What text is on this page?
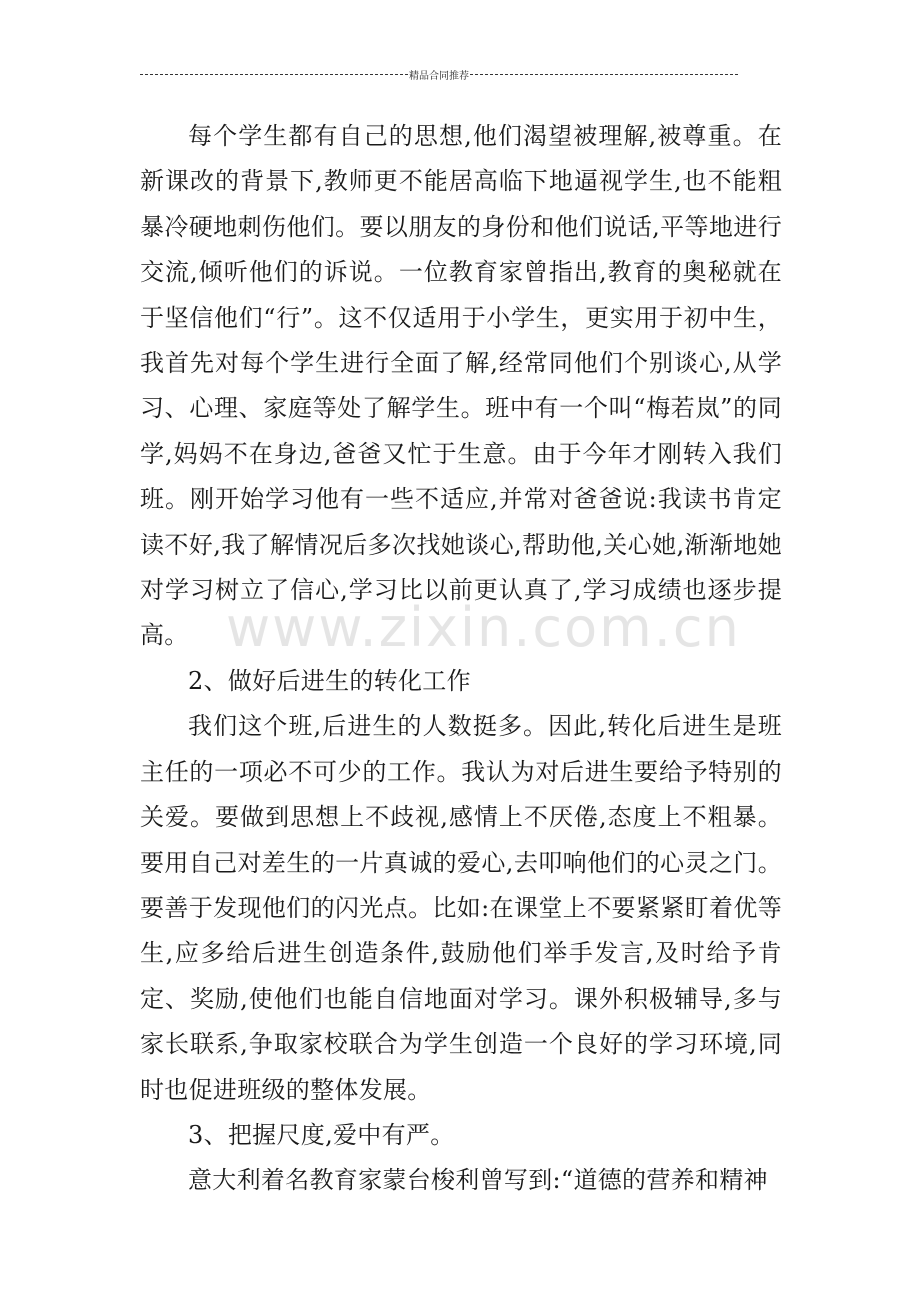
精品合同推荐

每个学生都有自己的思想,他们渴望被理解,被尊重。在新课改的背景下,教师更不能居高临下地逼视学生,也不能粗暴冷硬地刺伤他们。要以朋友的身份和他们说话,平等地进行交流,倾听他们的诉说。一位教育家曾指出,教育的奥秘就在于坚信他们“行”。这不仅适用于小学生，更实用于初中生，我首先对每个学生进行全面了解,经常同他们个别谈心,从学习、心理、家庭等处了解学生。班中有一个叫“梅若岚”的同学,妈妈不在身边,爸爸又忙于生意。由于今年才刚转入我们班。刚开始学习他有一些不适应,并常对爸爸说:我读书肯定读不好,我了解情况后多次找她谈心,帮助他,关心她,渐渐地她对学习树立了信心,学习比以前更认真了,学习成绩也逐步提高。

2、做好后进生的转化工作

我们这个班,后进生的人数挺多。因此,转化后进生是班主任的一项必不可少的工作。我认为对后进生要给予特别的关爱。要做到思想上不歧视,感情上不厌倦,态度上不粗暴。要用自己对差生的一片真诚的爱心,去叩响他们的心灵之门。要善于发现他们的闪光点。比如:在课堂上不要紧紧盯着优等生,应多给后进生创造条件,鼓励他们举手发言,及时给予肯定、奖励,使他们也能自信地面对学习。课外积极辅导,多与家长联系,争取家校联合为学生创造一个良好的学习环境,同时也促进班级的整体发展。

3、把握尺度,爱中有严。

意大利着名教育家蒙台梭利曾写到:“道德的营养和精神

www.zixin.com.cn
